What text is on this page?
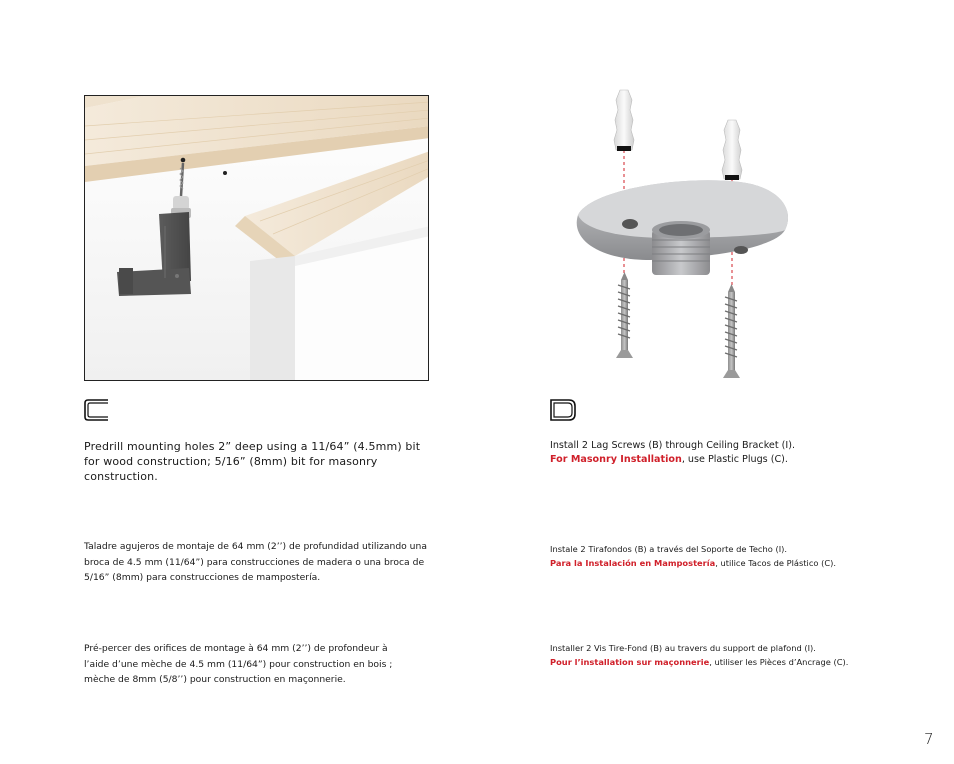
Predrill mounting holes 2” deep using a 11/64” (4.5mm) bit for wood construction; 5/16” (8mm) bit for masonry construction.
Taladre agujeros de montaje de 64 mm (2’’) de profundidad utilizando una broca de 4.5 mm (11/64”) para construcciones de madera o una broca de 5/16” (8mm) para construcciones de mampostería.
Pré-percer des orifices de montage à 64 mm (2’’) de profondeur à l’aide d’une mèche de 4.5 mm (11/64”) pour construction en bois ; mèche de 8mm (5/8’’) pour construction en maçonnerie.
Install 2 Lag Screws (B) through Ceiling Bracket (I).
For Masonry Installation, use Plastic Plugs (C).
Instale 2 Tirafondos (B) a través del Soporte de Techo (I).
Para la Instalación en Mampostería, utilice Tacos de Plástico (C).
Installer 2 Vis Tire-Fond (B) au travers du support de plafond (I).
Pour l’installation sur maçonnerie, utiliser les Pièces d’Ancrage (C).
7
